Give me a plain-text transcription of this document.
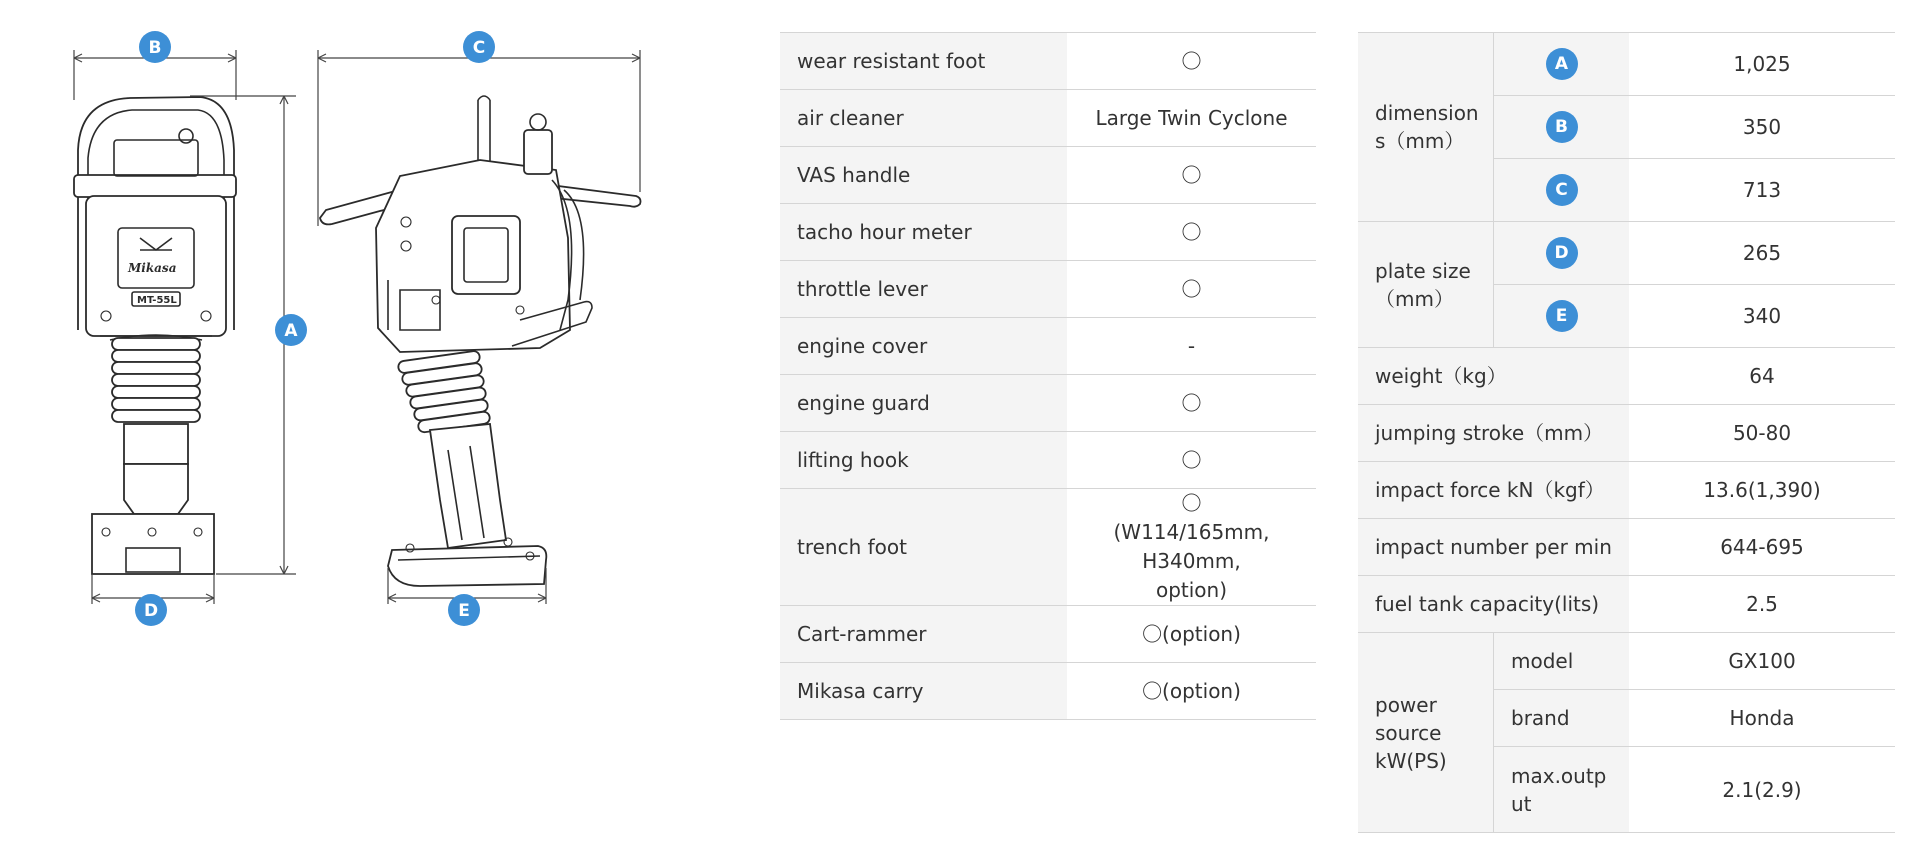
Mikasa
MT-55L
B	C
A
D	E
wear resistant foot	〇
air cleaner	Large Twin Cyclone
VAS handle	〇
tacho hour meter	〇
throttle lever	〇
engine cover	-
engine guard	〇
lifting hook	〇
trench foot	〇(W114/165mm, H340mm, option)
Cart-rammer	〇(option)
Mikasa carry	〇(option)
dimensions（mm）	A	1,025
	B	350
	C	713

plate size（mm）	D	265
	E	340
weight（kg）		64
jumping stroke（mm）		50-80
impact force kN（kgf）		13.6(1,390)
impact number per min		644-695
fuel tank capacity(lits)		2.5

power source kW(PS)	model	GX100
	brand	Honda

	max.output	2.1(2.9)
